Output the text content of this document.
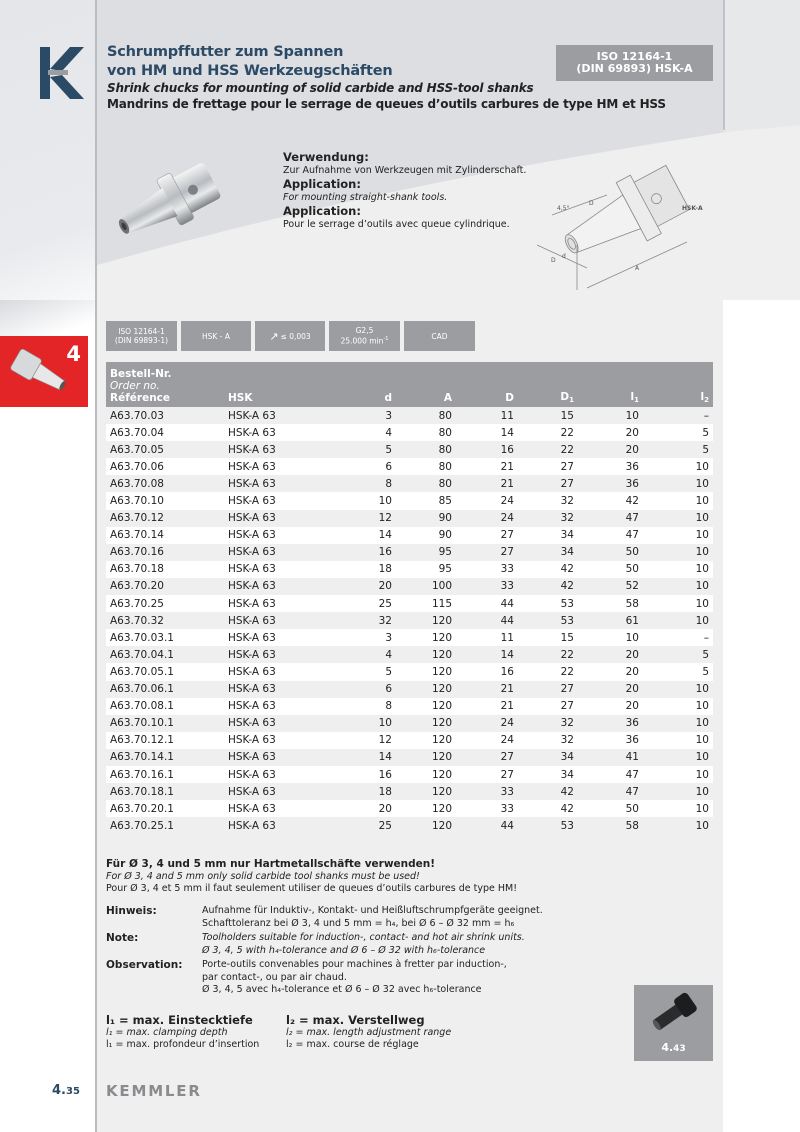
Schrumpffutter zum Spannen
von HM und HSS Werkzeugschäften
Shrink chucks for mounting of solid carbide and HSS-tool shanks
Mandrins de frettage pour le serrage de queues d’outils carbures de type HM et HSS
ISO 12164-1
(DIN 69893) HSK-A
Verwendung:
Zur Aufnahme von Werkzeugen mit Zylinderschaft.
Application:
For mounting straight-shank tools.
Application:
Pour le serrage d’outils avec queue cylindrique.
HSK-A
4,5°
D
d
D
A
4
ISO 12164-1
(DIN 69893-1)	HSK - A	↗ ≤ 0,003
G2,5
25.000 $\min^{-1}$	CAD
Bestell-Nr.
Order no.
Référence	HSK	d	A	D	$D_1$	$l_1$	$l_2$
A63.70.03	HSK-A 63	3	80	11	15	10	–
A63.70.04	HSK-A 63	4	80	14	22	20	5
A63.70.05	HSK-A 63	5	80	16	22	20	5
A63.70.06	HSK-A 63	6	80	21	27	36	10
A63.70.08	HSK-A 63	8	80	21	27	36	10
A63.70.10	HSK-A 63	10	85	24	32	42	10
A63.70.12	HSK-A 63	12	90	24	32	47	10
A63.70.14	HSK-A 63	14	90	27	34	47	10
A63.70.16	HSK-A 63	16	95	27	34	50	10
A63.70.18	HSK-A 63	18	95	33	42	50	10
A63.70.20	HSK-A 63	20	100	33	42	52	10
A63.70.25	HSK-A 63	25	115	44	53	58	10
A63.70.32	HSK-A 63	32	120	44	53	61	10
A63.70.03.1	HSK-A 63	3	120	11	15	10	–
A63.70.04.1	HSK-A 63	4	120	14	22	20	5
A63.70.05.1	HSK-A 63	5	120	16	22	20	5
A63.70.06.1	HSK-A 63	6	120	21	27	20	10
A63.70.08.1	HSK-A 63	8	120	21	27	20	10
A63.70.10.1	HSK-A 63	10	120	24	32	36	10
A63.70.12.1	HSK-A 63	12	120	24	32	36	10
A63.70.14.1	HSK-A 63	14	120	27	34	41	10
A63.70.16.1	HSK-A 63	16	120	27	34	47	10
A63.70.18.1	HSK-A 63	18	120	33	42	47	10
A63.70.20.1	HSK-A 63	20	120	33	42	50	10
A63.70.25.1	HSK-A 63	25	120	44	53	58	10
Für Ø 3, 4 und 5 mm nur Hartmetallschäfte verwenden!
For Ø 3, 4 and 5 mm only solid carbide tool shanks must be used!
Pour Ø 3, 4 et 5 mm il faut seulement utiliser de queues d’outils carbures de type HM!
Hinweis:	Aufnahme für Induktiv-, Kontakt- und Heißluftschrumpfgeräte geeignet.
Schafttoleranz bei Ø 3, 4 und 5 mm = h₄, bei Ø 6 – Ø 32 mm = h₆
Note:	Toolholders suitable for induction-, contact- and hot air shrink units.
Ø 3, 4, 5 with h₄-tolerance and Ø 6 – Ø 32 with h₆-tolerance
Observation:	Porte-outils convenables pour machines à fretter par induction-,
par contact-, ou par air chaud.
Ø 3, 4, 5 avec h₄-tolerance et Ø 6 – Ø 32 avec h₆-tolerance
l₁ = max. Einstecktiefe
l₁ = max. clamping depth
l₁ = max. profondeur d’insertion
l₂ = max. Verstellweg
l₂ = max. length adjustment range
l₂ = max. course de réglage	4.43
4.35 KEMMLER
